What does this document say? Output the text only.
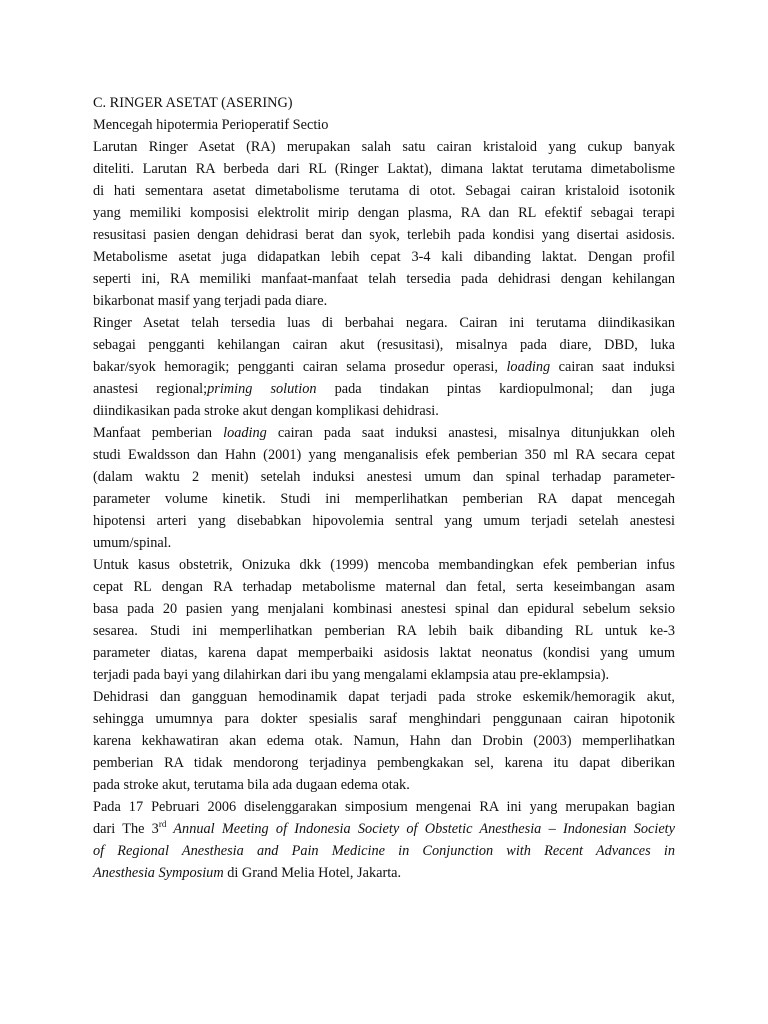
C. RINGER ASETAT (ASERING)
Mencegah hipotermia Perioperatif Sectio
Larutan Ringer Asetat (RA) merupakan salah satu cairan kristaloid yang cukup banyak
diteliti. Larutan RA berbeda dari RL (Ringer Laktat), dimana laktat terutama dimetabolisme
di hati sementara asetat dimetabolisme terutama di otot. Sebagai cairan kristaloid isotonik
yang memiliki komposisi elektrolit mirip dengan plasma, RA dan RL efektif sebagai terapi
resusitasi pasien dengan dehidrasi berat dan syok, terlebih pada kondisi yang disertai asidosis.
Metabolisme asetat juga didapatkan lebih cepat 3-4 kali dibanding laktat. Dengan profil
seperti ini, RA memiliki manfaat-manfaat telah tersedia pada dehidrasi dengan kehilangan
bikarbonat masif yang terjadi pada diare.
Ringer Asetat telah tersedia luas di berbahai negara. Cairan ini terutama diindikasikan
sebagai pengganti kehilangan cairan akut (resusitasi), misalnya pada diare, DBD, luka
bakar/syok hemoragik; pengganti cairan selama prosedur operasi, loading cairan saat induksi
anastesi regional;priming solution pada tindakan pintas kardiopulmonal; dan juga
diindikasikan pada stroke akut dengan komplikasi dehidrasi.
Manfaat pemberian loading cairan pada saat induksi anastesi, misalnya ditunjukkan oleh
studi Ewaldsson dan Hahn (2001) yang menganalisis efek pemberian 350 ml RA secara cepat
(dalam waktu 2 menit) setelah induksi anestesi umum dan spinal terhadap parameter-
parameter volume kinetik. Studi ini memperlihatkan pemberian RA dapat mencegah
hipotensi arteri yang disebabkan hipovolemia sentral yang umum terjadi setelah anestesi
umum/spinal.
Untuk kasus obstetrik, Onizuka dkk (1999) mencoba membandingkan efek pemberian infus
cepat RL dengan RA terhadap metabolisme maternal dan fetal, serta keseimbangan asam
basa pada 20 pasien yang menjalani kombinasi anestesi spinal dan epidural sebelum seksio
sesarea. Studi ini memperlihatkan pemberian RA lebih baik dibanding RL untuk ke-3
parameter diatas, karena dapat memperbaiki asidosis laktat neonatus (kondisi yang umum
terjadi pada bayi yang dilahirkan dari ibu yang mengalami eklampsia atau pre-eklampsia).
Dehidrasi dan gangguan hemodinamik dapat terjadi pada stroke eskemik/hemoragik akut,
sehingga umumnya para dokter spesialis saraf menghindari penggunaan cairan hipotonik
karena kekhawatiran akan edema otak. Namun, Hahn dan Drobin (2003) memperlihatkan
pemberian RA tidak mendorong terjadinya pembengkakan sel, karena itu dapat diberikan
pada stroke akut, terutama bila ada dugaan edema otak.
Pada 17 Pebruari 2006 diselenggarakan simposium mengenai RA ini yang merupakan bagian
dari The 3rd Annual Meeting of Indonesia Society of Obstetic Anesthesia – Indonesian Society
of Regional Anesthesia and Pain Medicine in Conjunction with Recent Advances in
Anesthesia Symposium di Grand Melia Hotel, Jakarta.
